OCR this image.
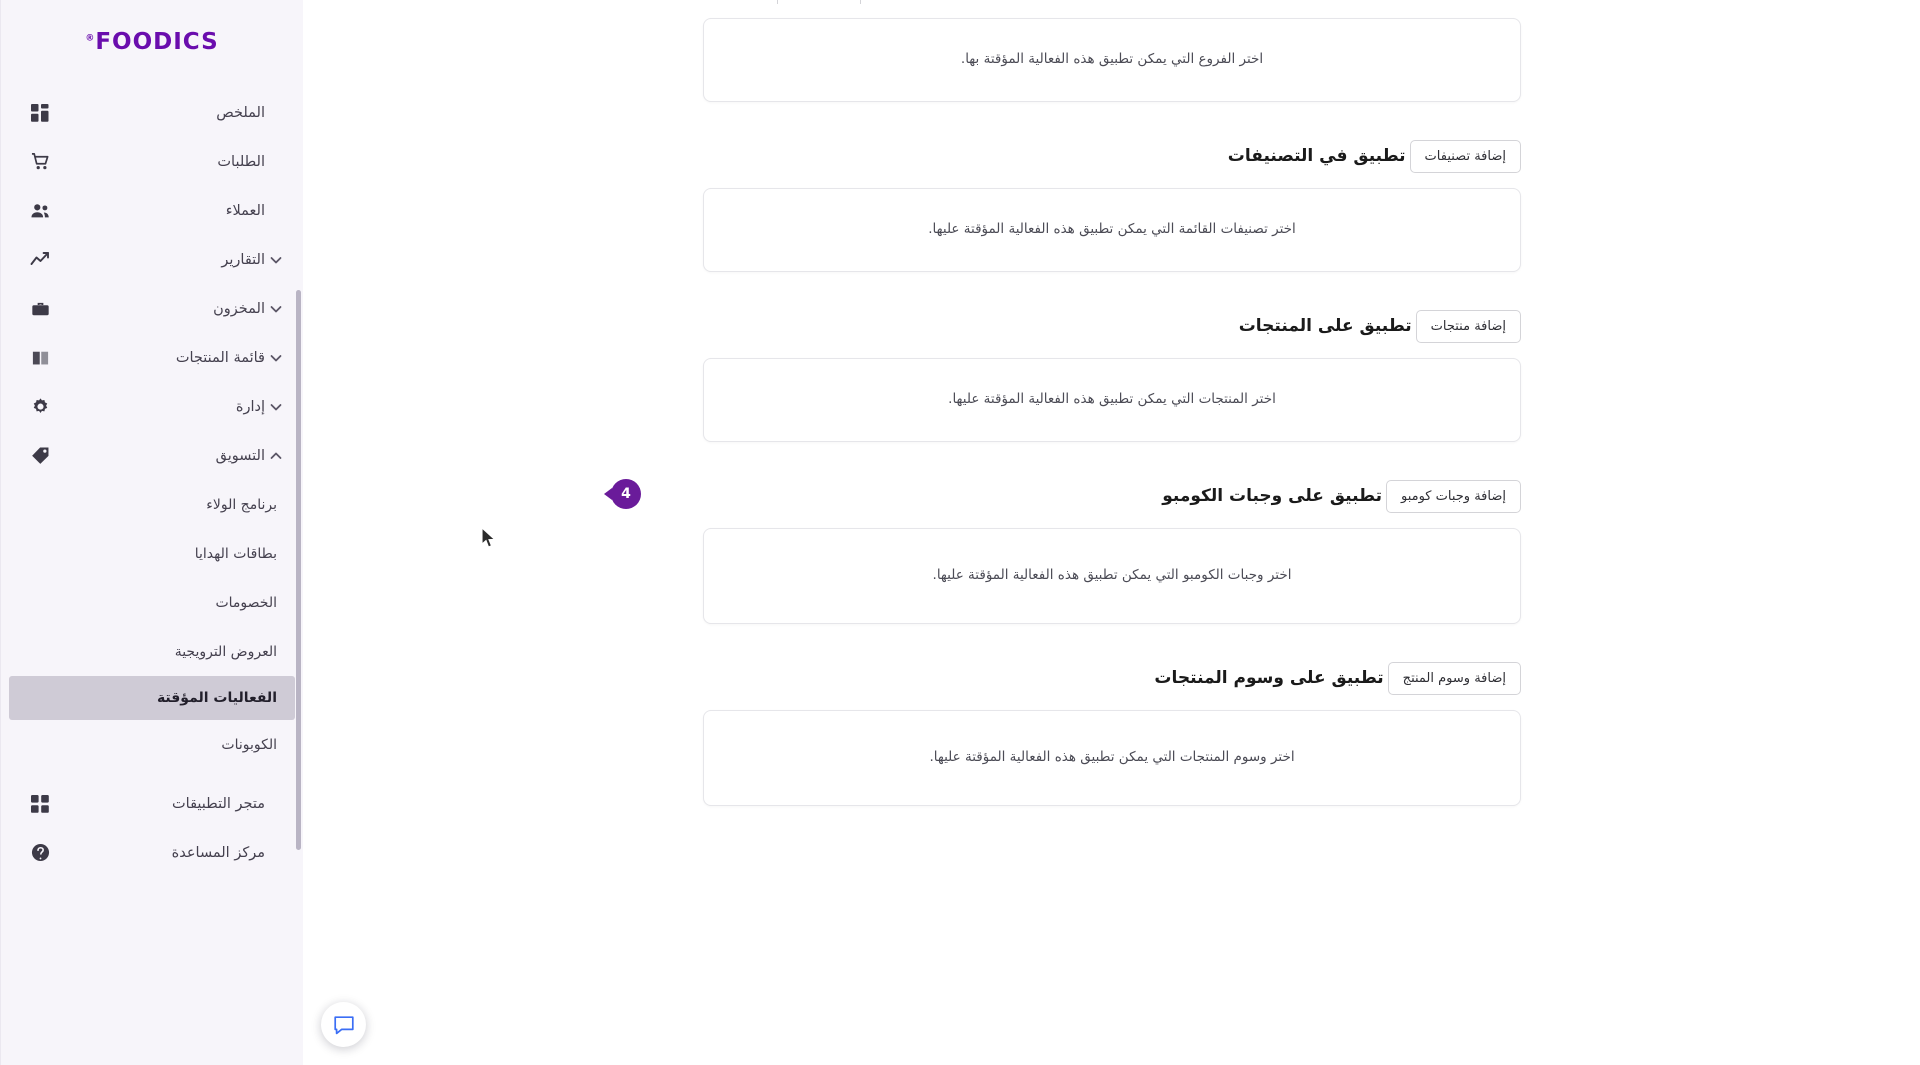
اختر الفروع التي يمكن تطبيق هذه الفعالية المؤقتة بها.
تطبيق في التصنيفات	إضافة تصنيفات
اختر تصنيفات القائمة التي يمكن تطبيق هذه الفعالية المؤقتة عليها.
تطبيق على المنتجات	إضافة منتجات
اختر المنتجات التي يمكن تطبيق هذه الفعالية المؤقتة عليها.
4	تطبيق على وجبات الكومبو	إضافة وجبات كومبو
اختر وجبات الكومبو التي يمكن تطبيق هذه الفعالية المؤقتة عليها.
تطبيق على وسوم المنتجات	إضافة وسوم المنتج
اختر وسوم المنتجات التي يمكن تطبيق هذه الفعالية المؤقتة عليها.
FOODICS®
الملخص
الطلبات
العملاء
التقارير
المخزون
قائمة المنتجات
إدارة
التسويق
برنامج الولاء
بطاقات الهدايا
الخصومات
العروض الترويجية
الفعاليات المؤقتة
الكوبونات
متجر التطبيقات
مركز المساعدة
